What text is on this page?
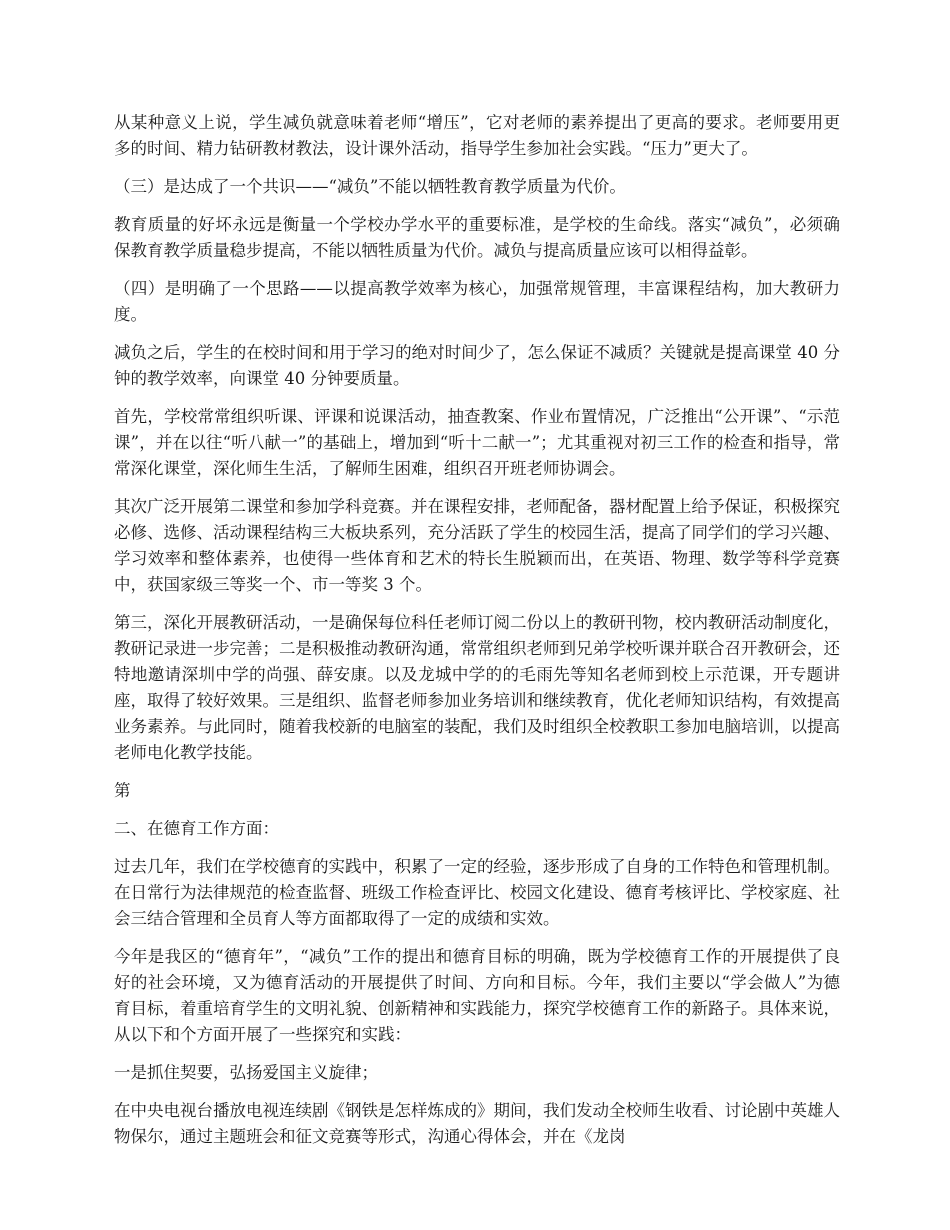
从某种意义上说，学生减负就意味着老师“增压”，它对老师的素养提出了更高的要求。老师要用更多的时间、精力钻研教材教法，设计课外活动，指导学生参加社会实践。“压力”更大了。

（三）是达成了一个共识——“减负”不能以牺牲教育教学质量为代价。

教育质量的好坏永远是衡量一个学校办学水平的重要标准，是学校的生命线。落实“减负”，必须确保教育教学质量稳步提高，不能以牺牲质量为代价。减负与提高质量应该可以相得益彰。

（四）是明确了一个思路——以提高教学效率为核心，加强常规管理，丰富课程结构，加大教研力度。

减负之后，学生的在校时间和用于学习的绝对时间少了，怎么保证不减质？关键就是提高课堂 40 分钟的教学效率，向课堂 40 分钟要质量。

首先，学校常常组织听课、评课和说课活动，抽查教案、作业布置情况，广泛推出“公开课”、“示范课”，并在以往“听八献一”的基础上，增加到“听十二献一”；尤其重视对初三工作的检查和指导，常常深化课堂，深化师生生活，了解师生困难，组织召开班老师协调会。

其次广泛开展第二课堂和参加学科竞赛。并在课程安排，老师配备，器材配置上给予保证，积极探究必修、选修、活动课程结构三大板块系列，充分活跃了学生的校园生活，提高了同学们的学习兴趣、学习效率和整体素养，也使得一些体育和艺术的特长生脱颖而出，在英语、物理、数学等科学竞赛中，获国家级三等奖一个、市一等奖 3 个。

第三，深化开展教研活动，一是确保每位科任老师订阅二份以上的教研刊物，校内教研活动制度化，教研记录进一步完善；二是积极推动教研沟通，常常组织老师到兄弟学校听课并联合召开教研会，还特地邀请深圳中学的尚强、薛安康。以及龙城中学的的毛雨先等知名老师到校上示范课，开专题讲座，取得了较好效果。三是组织、监督老师参加业务培训和继续教育，优化老师知识结构，有效提高业务素养。与此同时，随着我校新的电脑室的装配，我们及时组织全校教职工参加电脑培训，以提高老师电化教学技能。

第

二、在德育工作方面：

过去几年，我们在学校德育的实践中，积累了一定的经验，逐步形成了自身的工作特色和管理机制。在日常行为法律规范的检查监督、班级工作检查评比、校园文化建设、德育考核评比、学校家庭、社会三结合管理和全员育人等方面都取得了一定的成绩和实效。

今年是我区的“德育年”，“减负”工作的提出和德育目标的明确，既为学校德育工作的开展提供了良好的社会环境，又为德育活动的开展提供了时间、方向和目标。今年，我们主要以“学会做人”为德育目标，着重培育学生的文明礼貌、创新精神和实践能力，探究学校德育工作的新路子。具体来说，从以下和个方面开展了一些探究和实践：

一是抓住契要，弘扬爱国主义旋律；

在中央电视台播放电视连续剧《钢铁是怎样炼成的》期间，我们发动全校师生收看、讨论剧中英雄人物保尔，通过主题班会和征文竞赛等形式，沟通心得体会，并在《龙岗
